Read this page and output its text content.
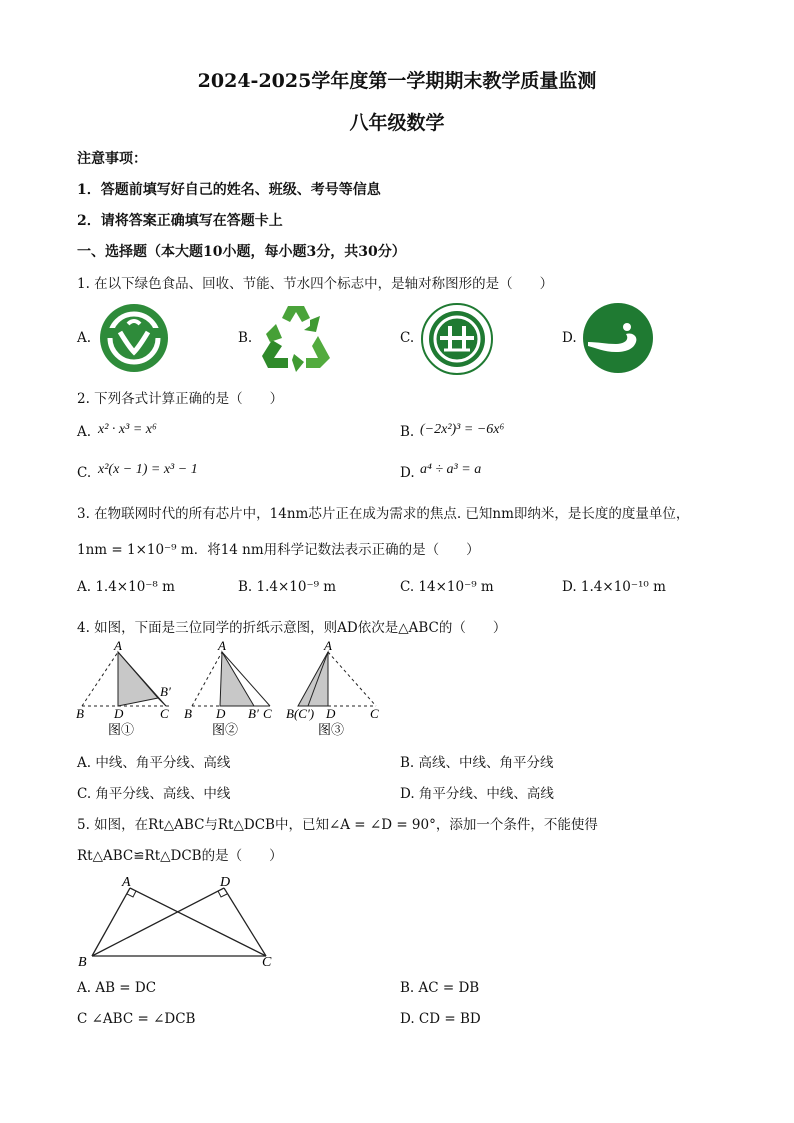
2024-2025学年度第一学期期末教学质量监测
八年级数学
注意事项：
1．答题前填写好自己的姓名、班级、考号等信息
2．请将答案正确填写在答题卡上
一、选择题（本大题10小题，每小题3分，共30分）
1. 在以下绿色食品、回收、节能、节水四个标志中，是轴对称图形的是（　　）
A.	B.	C.	D.
2. 下列各式计算正确的是（　　）
A. x² · x³ = x⁶	B. (−2x²)³ = −6x⁶
C. x²(x − 1) = x³ − 1	D. a⁴ ÷ a³ = a
3. 在物联网时代的所有芯片中，14nm芯片正在成为需求的焦点. 已知nm即纳米，是长度的度量单位，
1nm = 1×10⁻⁹ m．将14 nm用科学记数法表示正确的是（　　）
A. 1.4×10⁻⁸ m	B. 1.4×10⁻⁹ m	C. 14×10⁻⁹ m	D. 1.4×10⁻¹⁰ m
4. 如图，下面是三位同学的折纸示意图，则AD依次是△ABC的（　　）
A
B D
B′
C
图①
A
B D B′ C
图②
A
B(C′) D	C
图③
A. 中线、角平分线、高线	B. 高线、中线、角平分线
C. 角平分线、高线、中线	D. 角平分线、中线、高线
5. 如图，在Rt△ABC与Rt△DCB中，已知∠A = ∠D = 90°，添加一个条件，不能使得
Rt△ABC≌Rt△DCB的是（　　）
A	D
B	C
A. AB = DC	B. AC = DB
C ∠ABC = ∠DCB	D. CD = BD
